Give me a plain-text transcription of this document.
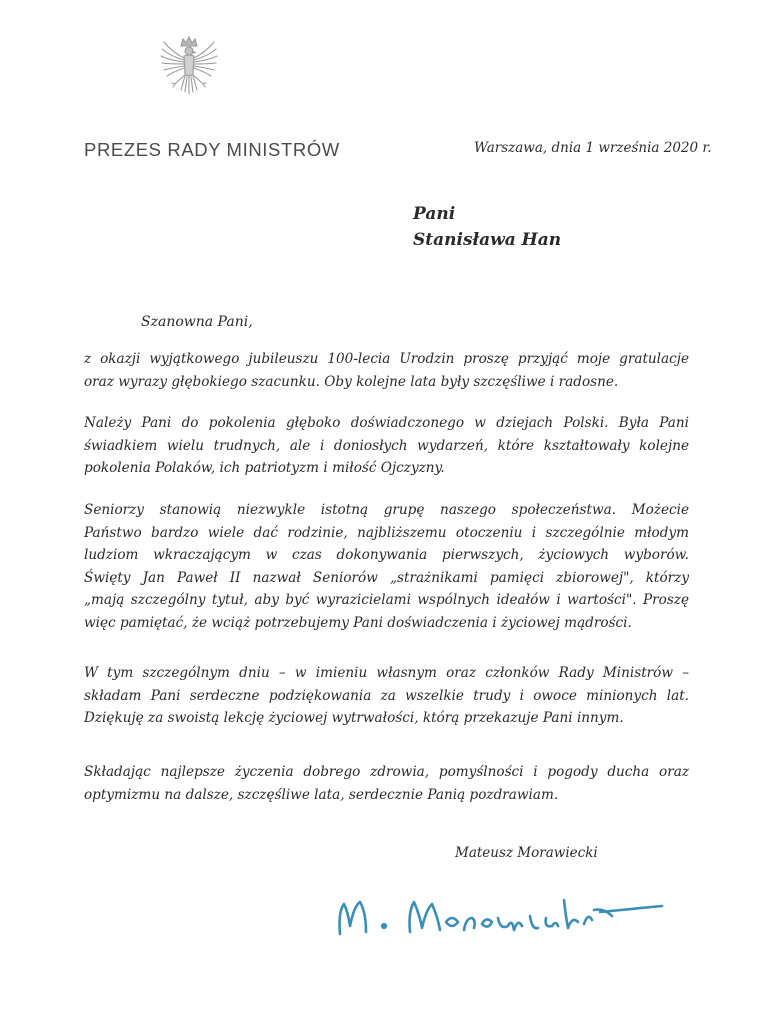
PREZES RADY MINISTRÓW	Warszawa, dnia 1 września 2020 r.
Pani
Stanisława Han
Szanowna Pani,
z okazji wyjątkowego jubileuszu 100-lecia Urodzin proszę przyjąć moje gratulacje
oraz wyrazy głębokiego szacunku. Oby kolejne lata były szczęśliwe i radosne.
Należy Pani do pokolenia głęboko doświadczonego w dziejach Polski. Była Pani
świadkiem wielu trudnych, ale i doniosłych wydarzeń, które kształtowały kolejne
pokolenia Polaków, ich patriotyzm i miłość Ojczyzny.
Seniorzy stanowią niezwykle istotną grupę naszego społeczeństwa. Możecie
Państwo bardzo wiele dać rodzinie, najbliższemu otoczeniu i szczególnie młodym
ludziom wkraczającym w czas dokonywania pierwszych, życiowych wyborów.
Święty Jan Paweł II nazwał Seniorów „strażnikami pamięci zbiorowej", którzy
„mają szczególny tytuł, aby być wyrazicielami wspólnych ideałów i wartości". Proszę
więc pamiętać, że wciąż potrzebujemy Pani doświadczenia i życiowej mądrości.
W tym szczególnym dniu – w imieniu własnym oraz członków Rady Ministrów –
składam Pani serdeczne podziękowania za wszelkie trudy i owoce minionych lat.
Dziękuję za swoistą lekcję życiowej wytrwałości, którą przekazuje Pani innym.
Składając najlepsze życzenia dobrego zdrowia, pomyślności i pogody ducha oraz
optymizmu na dalsze, szczęśliwe lata, serdecznie Panią pozdrawiam.
Mateusz Morawiecki
